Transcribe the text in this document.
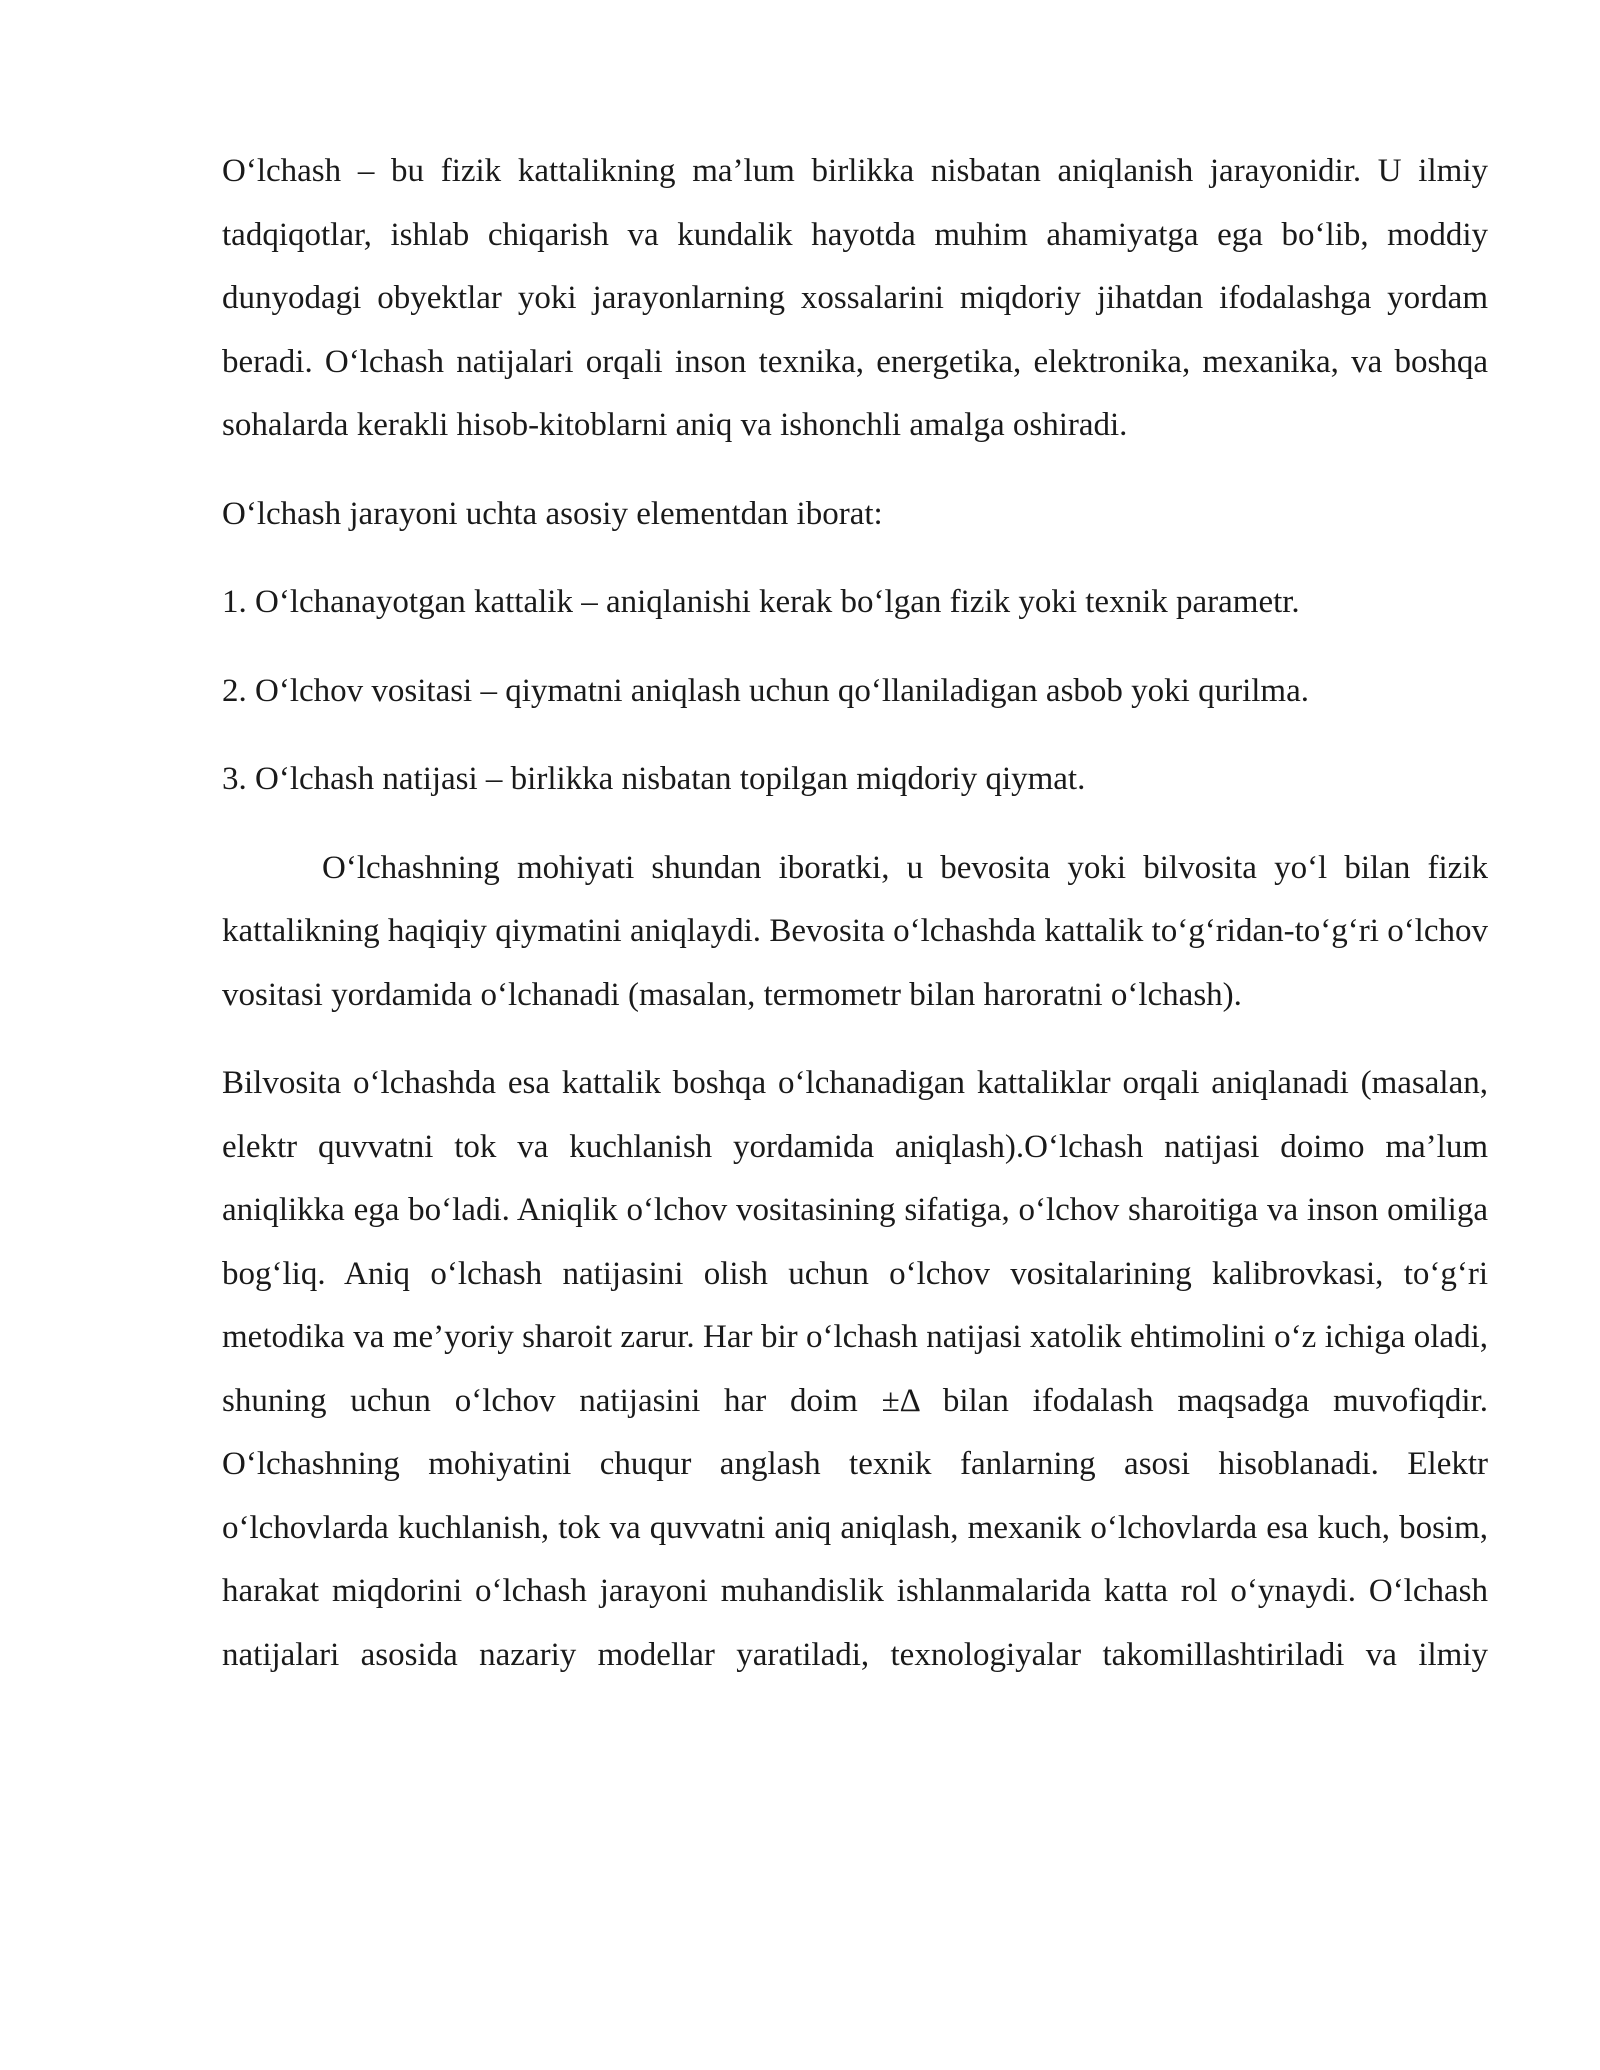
O‘lchash – bu fizik kattalikning ma’lum birlikka nisbatan aniqlanish jarayonidir. U ilmiy tadqiqotlar, ishlab chiqarish va kundalik hayotda muhim ahamiyatga ega bo‘lib, moddiy dunyodagi obyektlar yoki jarayonlarning xossalarini miqdoriy jihatdan ifodalashga yordam beradi. O‘lchash natijalari orqali inson texnika, energetika, elektronika, mexanika, va boshqa sohalarda kerakli hisob-kitoblarni aniq va ishonchli amalga oshiradi.

O‘lchash jarayoni uchta asosiy elementdan iborat:

1. O‘lchanayotgan kattalik – aniqlanishi kerak bo‘lgan fizik yoki texnik parametr.

2. O‘lchov vositasi – qiymatni aniqlash uchun qo‘llaniladigan asbob yoki qurilma.

3. O‘lchash natijasi – birlikka nisbatan topilgan miqdoriy qiymat.

O‘lchashning mohiyati shundan iboratki, u bevosita yoki bilvosita yo‘l bilan fizik kattalikning haqiqiy qiymatini aniqlaydi. Bevosita o‘lchashda kattalik to‘g‘ridan-to‘g‘ri o‘lchov vositasi yordamida o‘lchanadi (masalan, termometr bilan haroratni o‘lchash).

Bilvosita o‘lchashda esa kattalik boshqa o‘lchanadigan kattaliklar orqali aniqlanadi (masalan, elektr quvvatni tok va kuchlanish yordamida aniqlash).O‘lchash natijasi doimo ma’lum aniqlikka ega bo‘ladi. Aniqlik o‘lchov vositasining sifatiga, o‘lchov sharoitiga va inson omiliga bog‘liq. Aniq o‘lchash natijasini olish uchun o‘lchov vositalarining kalibrovkasi, to‘g‘ri metodika va me’yoriy sharoit zarur. Har bir o‘lchash natijasi xatolik ehtimolini o‘z ichiga oladi, shuning uchun o‘lchov natijasini har doim ±Δ bilan ifodalash maqsadga muvofiqdir. O‘lchashning mohiyatini chuqur anglash texnik fanlarning asosi hisoblanadi. Elektr o‘lchovlarda kuchlanish, tok va quvvatni aniq aniqlash, mexanik o‘lchovlarda esa kuch, bosim, harakat miqdorini o‘lchash jarayoni muhandislik ishlanmalarida katta rol o‘ynaydi. O‘lchash natijalari asosida nazariy modellar yaratiladi, texnologiyalar takomillashtiriladi va ilmiy
